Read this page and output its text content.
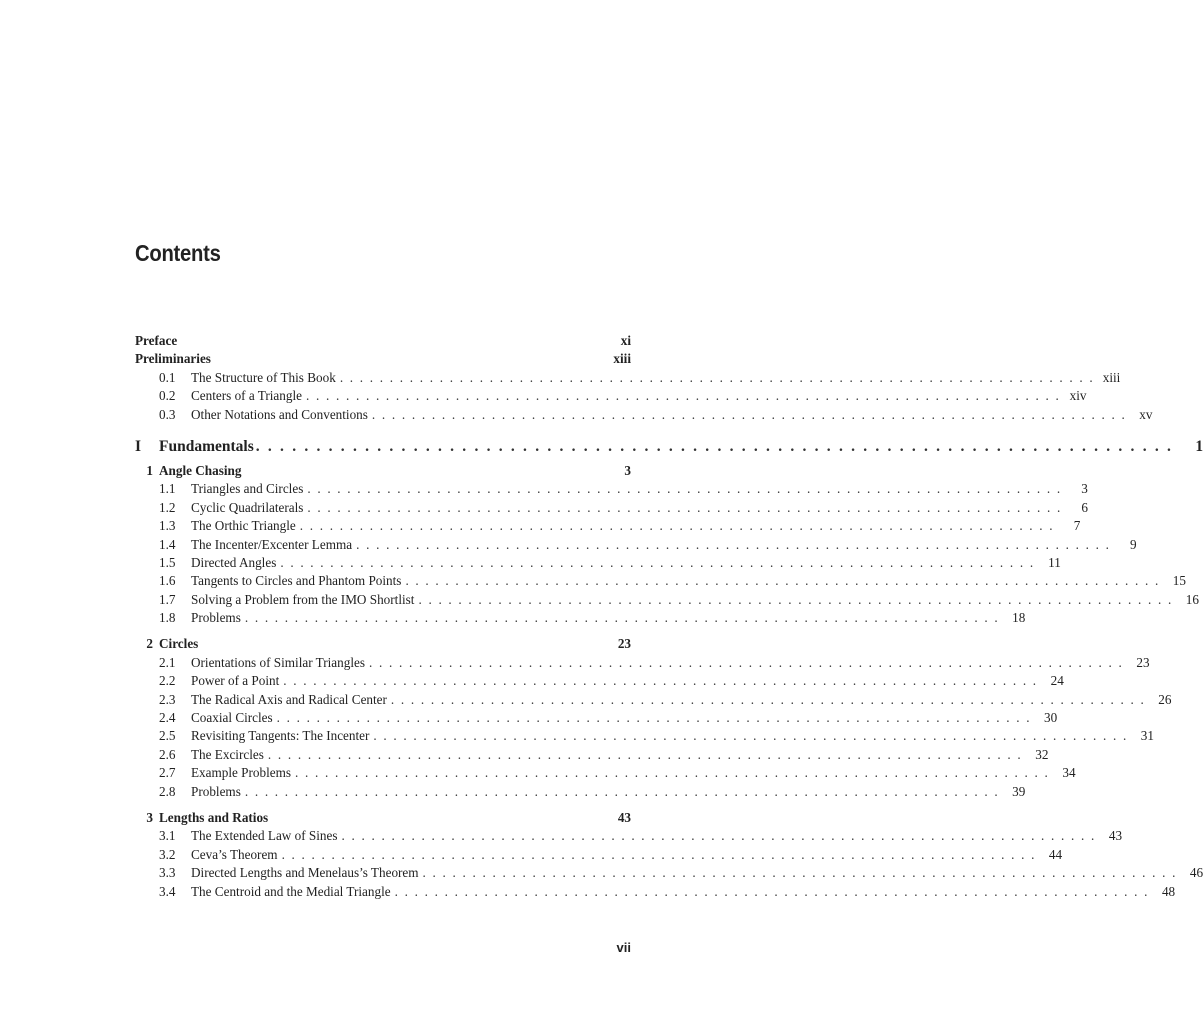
Contents
Preface	xi
Preliminaries	xiii
0.1	The Structure of This Book . . . . . . . . . . . . . . . . . . . . . . . . . . . . . . . . . . . . . . . . . . . . . . . . . . . . . . . . . . . . . . . . . . . . . . . . . . . . xiii
0.2	Centers of a Triangle . . . . . . . . . . . . . . . . . . . . . . . . . . . . . . . . . . . . . . . . . . . . . . . . . . . . . . . . . . . . . . . . . . . . . . . . . . . . xiv
0.3	Other Notations and Conventions . . . . . . . . . . . . . . . . . . . . . . . . . . . . . . . . . . . . . . . . . . . . . . . . . . . . . . . . . . . . . . . . . . . . . . . . . . . . xv
I	Fundamentals . . . . . . . . . . . . . . . . . . . . . . . . . . . . . . . . . . . . . . . . . . . . . . . . . . . . . . . . . . . . . . . . . . . . . . . . . . . .	1
1 Angle Chasing	3
1.1	Triangles and Circles . . . . . . . . . . . . . . . . . . . . . . . . . . . . . . . . . . . . . . . . . . . . . . . . . . . . . . . . . . . . . . . . . . . . . . . . . . . .	3
1.2	Cyclic Quadrilaterals . . . . . . . . . . . . . . . . . . . . . . . . . . . . . . . . . . . . . . . . . . . . . . . . . . . . . . . . . . . . . . . . . . . . . . . . . . . .	6
1.3	The Orthic Triangle . . . . . . . . . . . . . . . . . . . . . . . . . . . . . . . . . . . . . . . . . . . . . . . . . . . . . . . . . . . . . . . . . . . . . . . . . . . .	7
1.4	The Incenter/Excenter Lemma . . . . . . . . . . . . . . . . . . . . . . . . . . . . . . . . . . . . . . . . . . . . . . . . . . . . . . . . . . . . . . . . . . . . . . . . . . . .	9
1.5	Directed Angles . . . . . . . . . . . . . . . . . . . . . . . . . . . . . . . . . . . . . . . . . . . . . . . . . . . . . . . . . . . . . . . . . . . . . . . . . . . .	11
1.6	Tangents to Circles and Phantom Points . . . . . . . . . . . . . . . . . . . . . . . . . . . . . . . . . . . . . . . . . . . . . . . . . . . . . . . . . . . . . . . . . . . . . . . . . . . . 15
1.7	Solving a Problem from the IMO Shortlist . . . . . . . . . . . . . . . . . . . . . . . . . . . . . . . . . . . . . . . . . . . . . . . . . . . . . . . . . . . . . . . . . . . . . . . . . . . . 16
1.8	Problems . . . . . . . . . . . . . . . . . . . . . . . . . . . . . . . . . . . . . . . . . . . . . . . . . . . . . . . . . . . . . . . . . . . . . . . . . . . . 18
2 Circles	23
2.1	Orientations of Similar Triangles . . . . . . . . . . . . . . . . . . . . . . . . . . . . . . . . . . . . . . . . . . . . . . . . . . . . . . . . . . . . . . . . . . . . . . . . . . . . 23
2.2	Power of a Point . . . . . . . . . . . . . . . . . . . . . . . . . . . . . . . . . . . . . . . . . . . . . . . . . . . . . . . . . . . . . . . . . . . . . . . . . . . . 24
2.3	The Radical Axis and Radical Center . . . . . . . . . . . . . . . . . . . . . . . . . . . . . . . . . . . . . . . . . . . . . . . . . . . . . . . . . . . . . . . . . . . . . . . . . . . . 26
2.4	Coaxial Circles . . . . . . . . . . . . . . . . . . . . . . . . . . . . . . . . . . . . . . . . . . . . . . . . . . . . . . . . . . . . . . . . . . . . . . . . . . . . 30
2.5	Revisiting Tangents: The Incenter . . . . . . . . . . . . . . . . . . . . . . . . . . . . . . . . . . . . . . . . . . . . . . . . . . . . . . . . . . . . . . . . . . . . . . . . . . . . 31
2.6	The Excircles . . . . . . . . . . . . . . . . . . . . . . . . . . . . . . . . . . . . . . . . . . . . . . . . . . . . . . . . . . . . . . . . . . . . . . . . . . . . 32
2.7	Example Problems . . . . . . . . . . . . . . . . . . . . . . . . . . . . . . . . . . . . . . . . . . . . . . . . . . . . . . . . . . . . . . . . . . . . . . . . . . . . 34
2.8	Problems . . . . . . . . . . . . . . . . . . . . . . . . . . . . . . . . . . . . . . . . . . . . . . . . . . . . . . . . . . . . . . . . . . . . . . . . . . . . 39
3 Lengths and Ratios	43
3.1	The Extended Law of Sines . . . . . . . . . . . . . . . . . . . . . . . . . . . . . . . . . . . . . . . . . . . . . . . . . . . . . . . . . . . . . . . . . . . . . . . . . . . . 43
3.2	Ceva’s Theorem . . . . . . . . . . . . . . . . . . . . . . . . . . . . . . . . . . . . . . . . . . . . . . . . . . . . . . . . . . . . . . . . . . . . . . . . . . . . 44
3.3	Directed Lengths and Menelaus’s Theorem . . . . . . . . . . . . . . . . . . . . . . . . . . . . . . . . . . . . . . . . . . . . . . . . . . . . . . . . . . . . . . . . . . . . . . . . . . . . 46
3.4	The Centroid and the Medial Triangle . . . . . . . . . . . . . . . . . . . . . . . . . . . . . . . . . . . . . . . . . . . . . . . . . . . . . . . . . . . . . . . . . . . . . . . . . . . . 48
vii
